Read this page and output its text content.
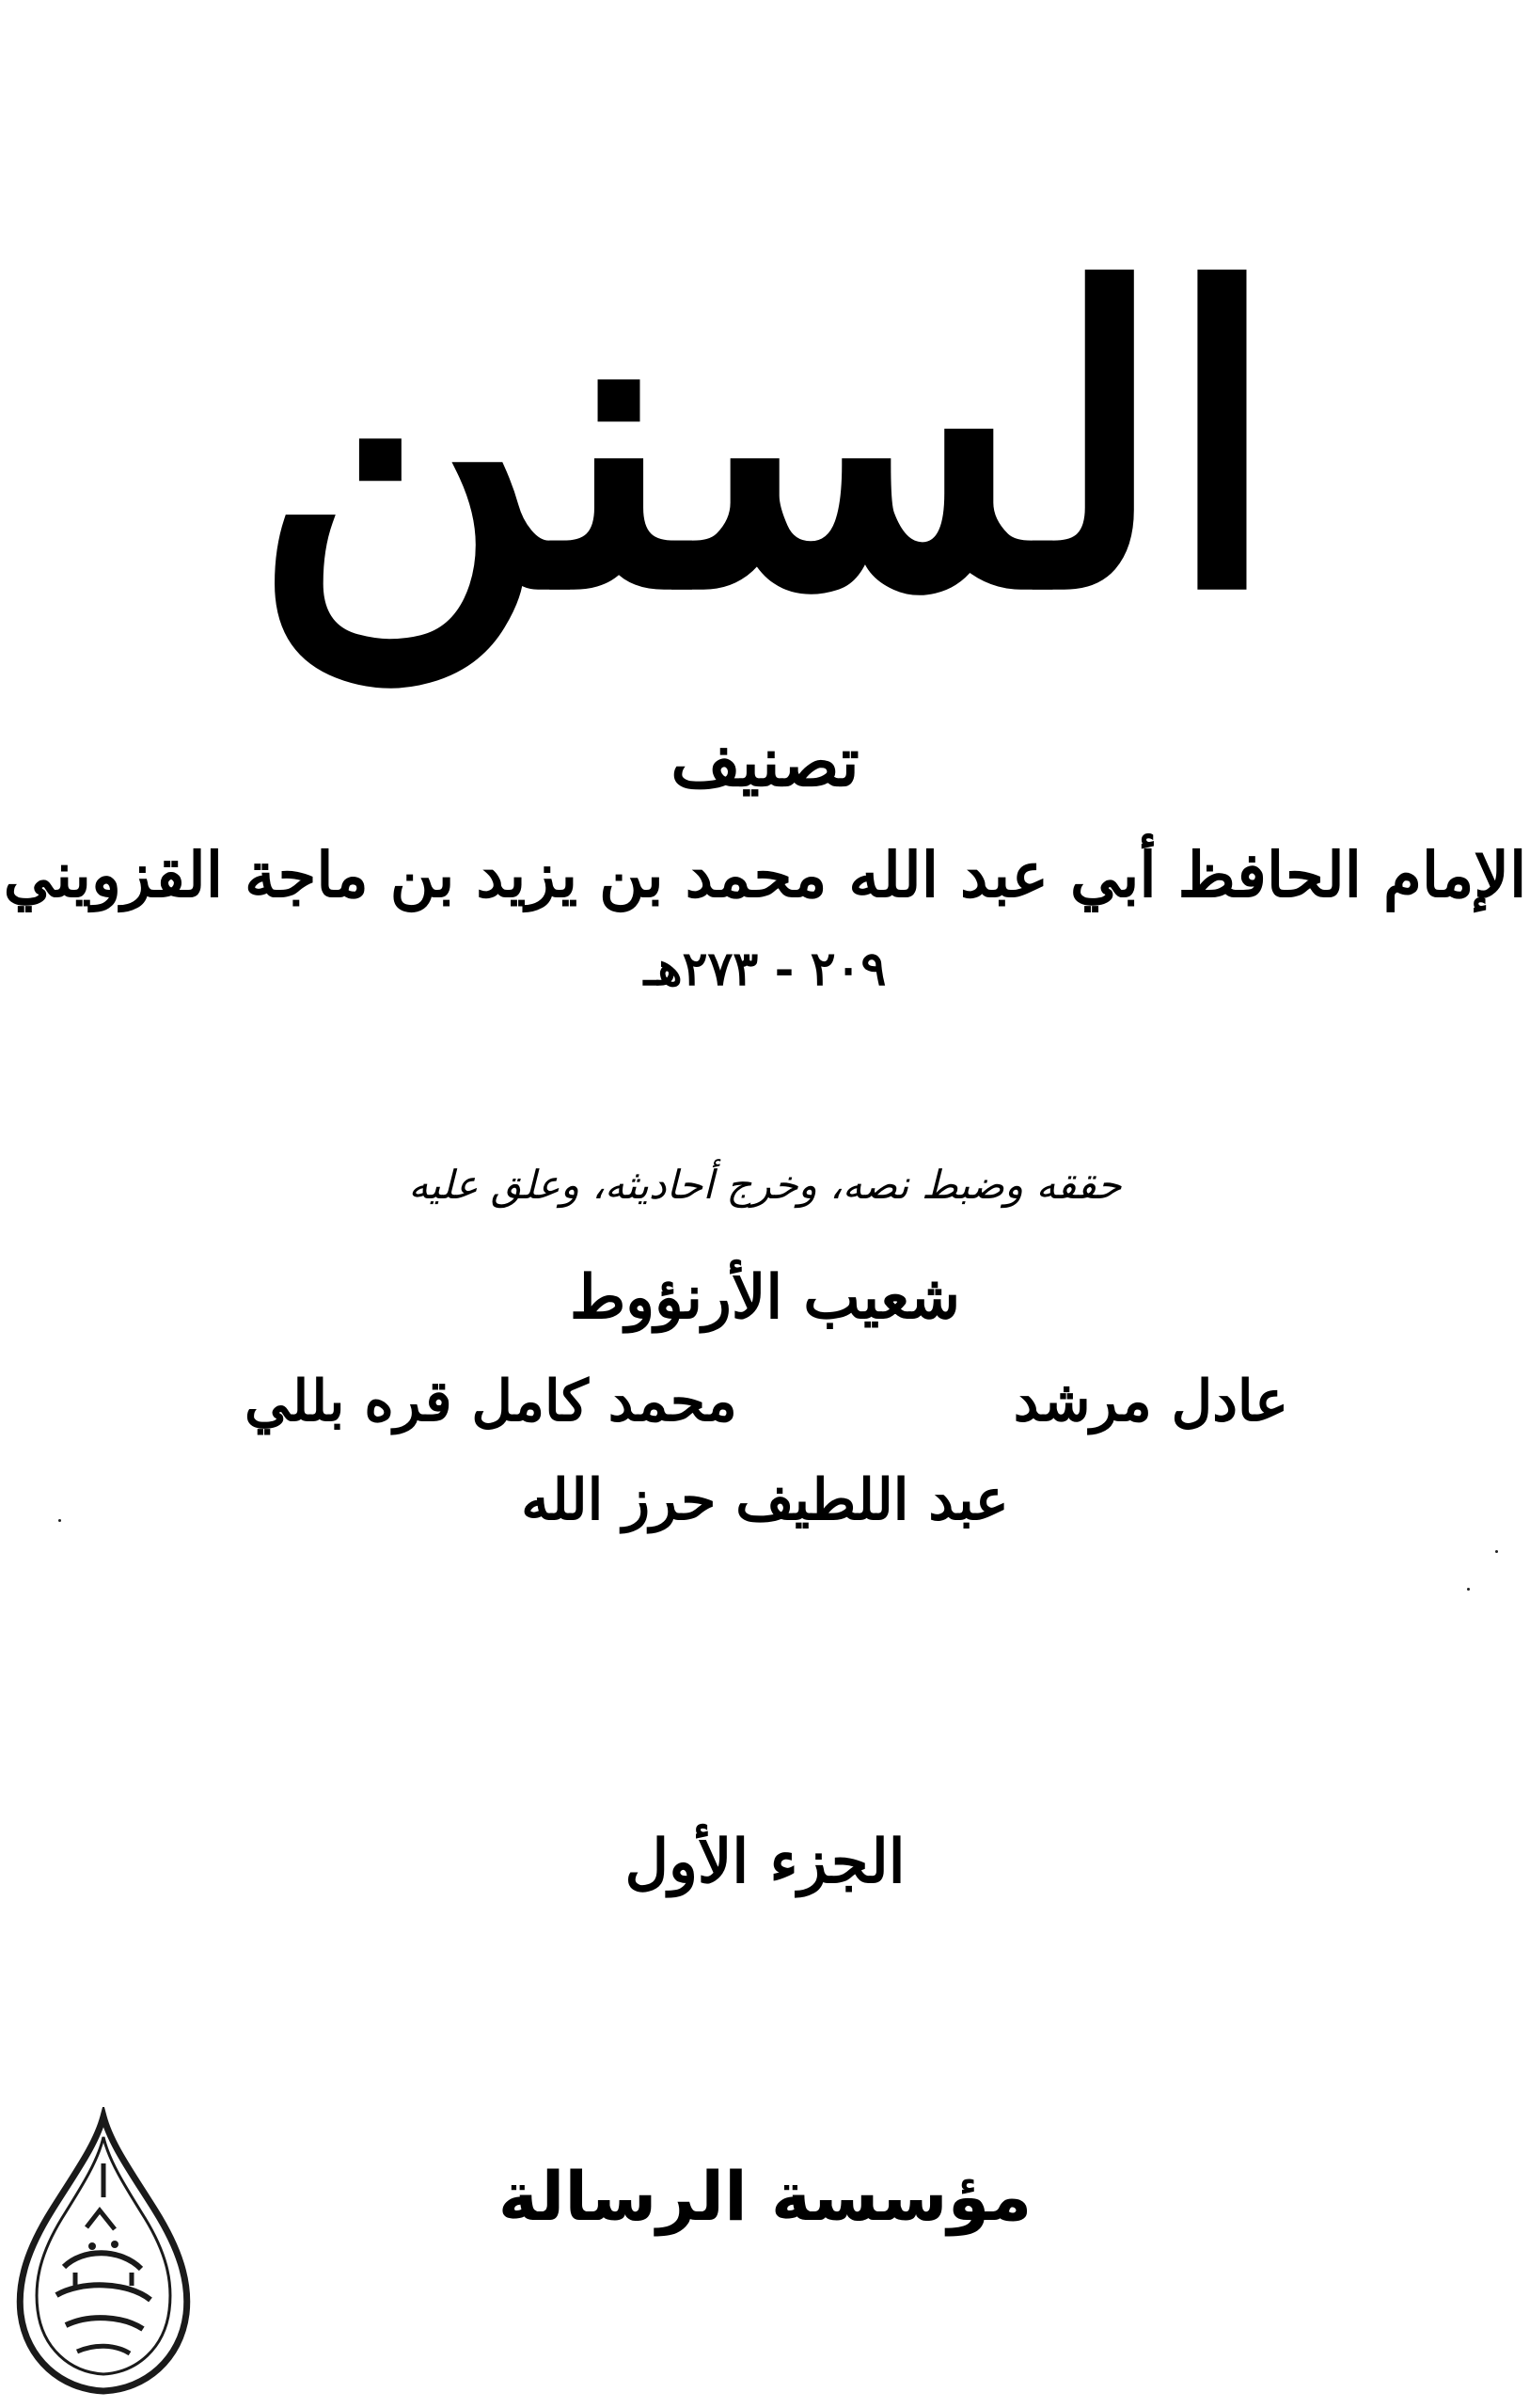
السنن
تصنيف
الإمام الحافظ أبي عبد الله محمد بن يزيد بن ماجة القزويني
٢٠٩ - ٢٧٣هـ
حققه وضبط نصه، وخرج أحاديثه، وعلق عليه
شعيب الأرنؤوط
عادل مرشد
محمد كامل قره بللي
عبد اللطيف حرز الله
الجزء الأول
مؤسسة الرسالة
